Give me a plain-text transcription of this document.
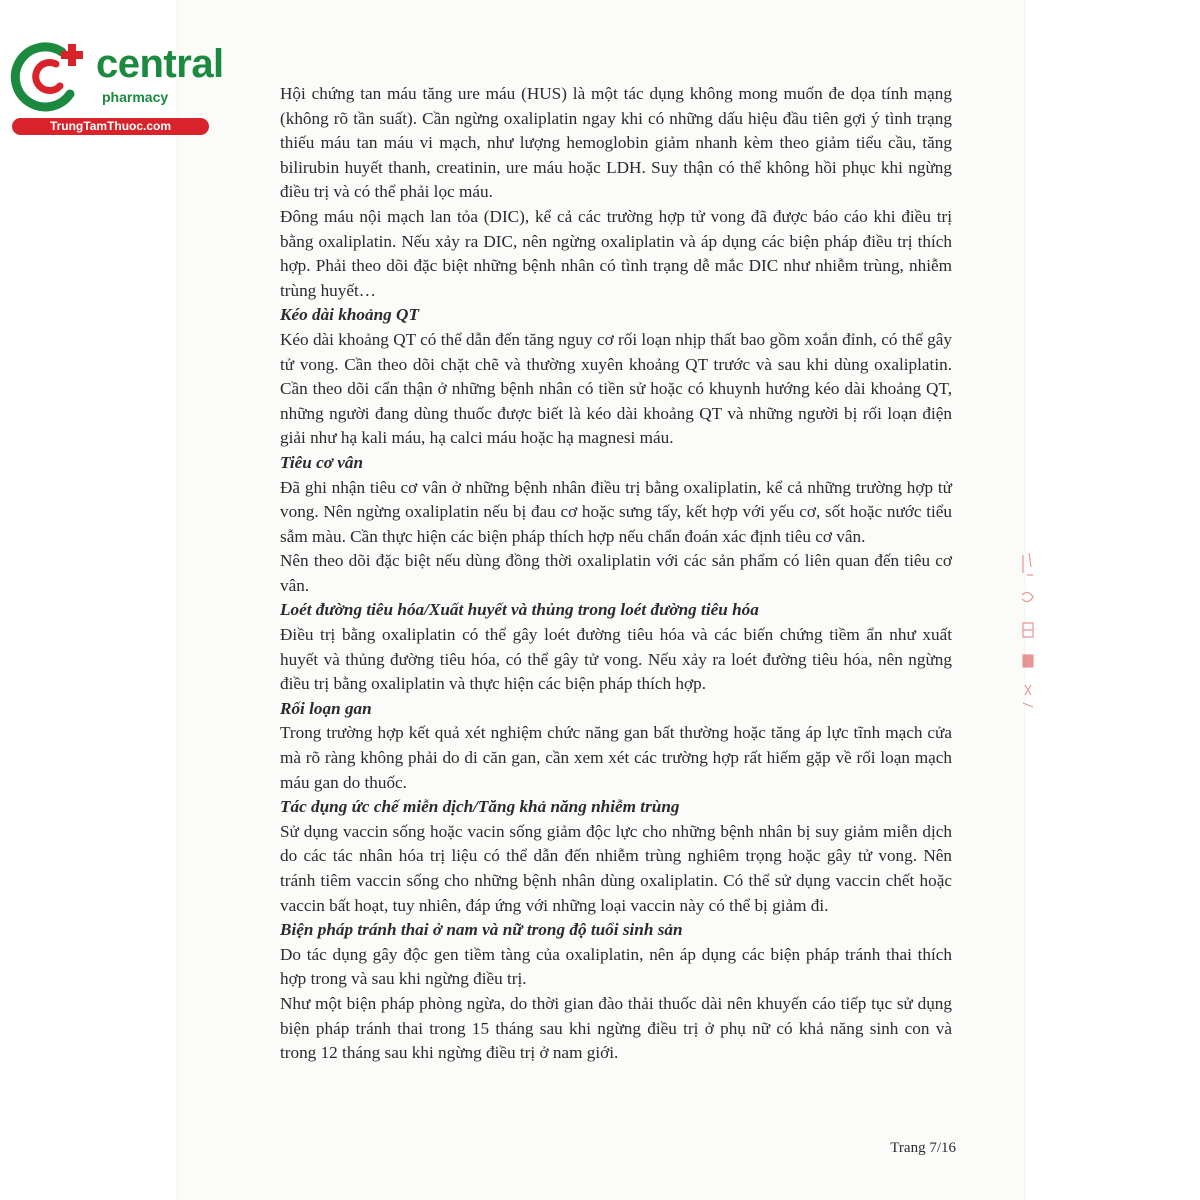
central
pharmacy
TrungTamThuoc.com

Hội chứng tan máu tăng ure máu (HUS) là một tác dụng không mong muốn đe dọa tính mạng (không rõ tần suất). Cần ngừng oxaliplatin ngay khi có những dấu hiệu đầu tiên gợi ý tình trạng thiếu máu tan máu vi mạch, như lượng hemoglobin giảm nhanh kèm theo giảm tiểu cầu, tăng bilirubin huyết thanh, creatinin, ure máu hoặc LDH. Suy thận có thể không hồi phục khi ngừng điều trị và có thể phải lọc máu.

Đông máu nội mạch lan tỏa (DIC), kể cả các trường hợp tử vong đã được báo cáo khi điều trị bằng oxaliplatin. Nếu xảy ra DIC, nên ngừng oxaliplatin và áp dụng các biện pháp điều trị thích hợp. Phải theo dõi đặc biệt những bệnh nhân có tình trạng dễ mắc DIC như nhiễm trùng, nhiễm trùng huyết…

Kéo dài khoảng QT

Kéo dài khoảng QT có thể dẫn đến tăng nguy cơ rối loạn nhịp thất bao gồm xoắn đỉnh, có thể gây tử vong. Cần theo dõi chặt chẽ và thường xuyên khoảng QT trước và sau khi dùng oxaliplatin. Cần theo dõi cẩn thận ở những bệnh nhân có tiền sử hoặc có khuynh hướng kéo dài khoảng QT, những người đang dùng thuốc được biết là kéo dài khoảng QT và những người bị rối loạn điện giải như hạ kali máu, hạ calci máu hoặc hạ magnesi máu.

Tiêu cơ vân

Đã ghi nhận tiêu cơ vân ở những bệnh nhân điều trị bằng oxaliplatin, kể cả những trường hợp tử vong. Nên ngừng oxaliplatin nếu bị đau cơ hoặc sưng tấy, kết hợp với yếu cơ, sốt hoặc nước tiểu sẫm màu. Cần thực hiện các biện pháp thích hợp nếu chẩn đoán xác định tiêu cơ vân.

Nên theo dõi đặc biệt nếu dùng đồng thời oxaliplatin với các sản phẩm có liên quan đến tiêu cơ vân.

Loét đường tiêu hóa/Xuất huyết và thủng trong loét đường tiêu hóa

Điều trị bằng oxaliplatin có thể gây loét đường tiêu hóa và các biến chứng tiềm ẩn như xuất huyết và thủng đường tiêu hóa, có thể gây tử vong. Nếu xảy ra loét đường tiêu hóa, nên ngừng điều trị bằng oxaliplatin và thực hiện các biện pháp thích hợp.

Rối loạn gan

Trong trường hợp kết quả xét nghiệm chức năng gan bất thường hoặc tăng áp lực tĩnh mạch cửa mà rõ ràng không phải do di căn gan, cần xem xét các trường hợp rất hiếm gặp về rối loạn mạch máu gan do thuốc.

Tác dụng ức chế miễn dịch/Tăng khả năng nhiễm trùng

Sử dụng vaccin sống hoặc vacin sống giảm độc lực cho những bệnh nhân bị suy giảm miễn dịch do các tác nhân hóa trị liệu có thể dẫn đến nhiễm trùng nghiêm trọng hoặc gây tử vong. Nên tránh tiêm vaccin sống cho những bệnh nhân dùng oxaliplatin. Có thể sử dụng vaccin chết hoặc vaccin bất hoạt, tuy nhiên, đáp ứng với những loại vaccin này có thể bị giảm đi.

Biện pháp tránh thai ở nam và nữ trong độ tuổi sinh sản

Do tác dụng gây độc gen tiềm tàng của oxaliplatin, nên áp dụng các biện pháp tránh thai thích hợp trong và sau khi ngừng điều trị.

Như một biện pháp phòng ngừa, do thời gian đào thải thuốc dài nên khuyến cáo tiếp tục sử dụng biện pháp tránh thai trong 15 tháng sau khi ngừng điều trị ở phụ nữ có khả năng sinh con và trong 12 tháng sau khi ngừng điều trị ở nam giới.

Trang 7/16
